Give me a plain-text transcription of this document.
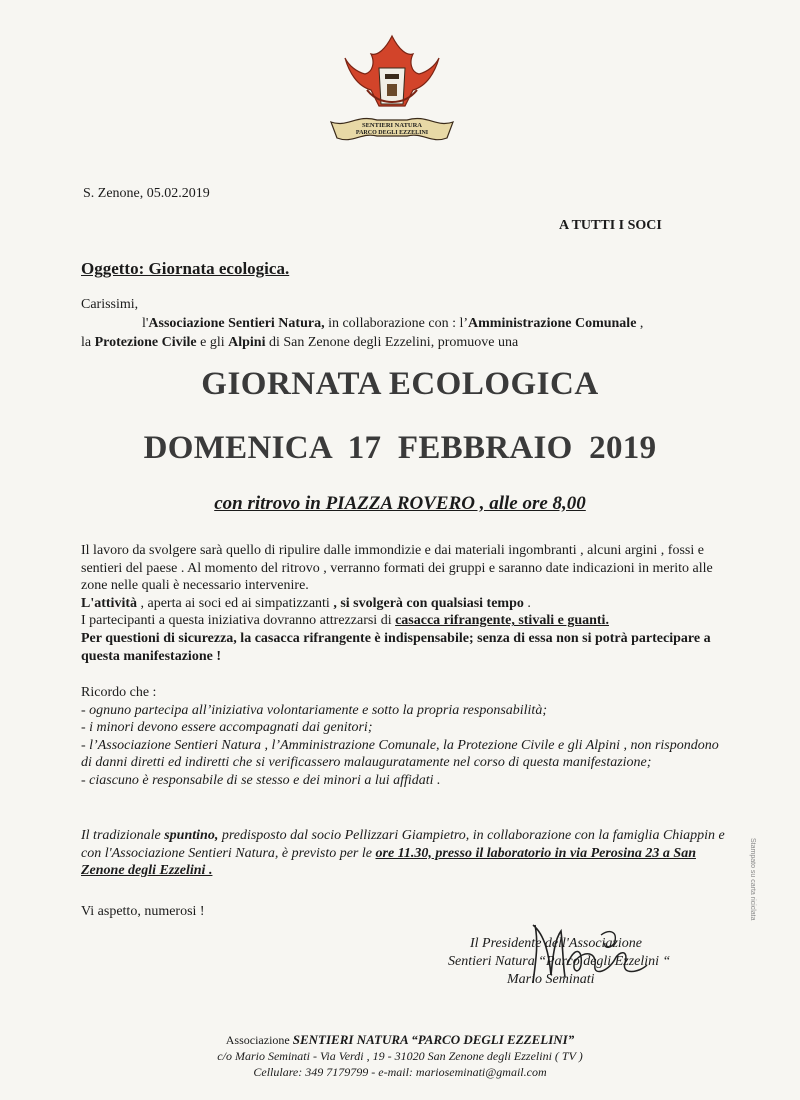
SENTIERI NATURA
PARCO DEGLI EZZELINI
S. Zenone, 05.02.2019
A TUTTI I SOCI
Oggetto: Giornata ecologica.
Carissimi,
l'Associazione Sentieri Natura, in collaborazione con : l’Amministrazione Comunale ,
la Protezione Civile e gli Alpini di San Zenone degli Ezzelini, promuove una
GIORNATA ECOLOGICA
DOMENICA 17 FEBBRAIO 2019
con ritrovo in PIAZZA ROVERO , alle ore 8,00

Il lavoro da svolgere sarà quello di ripulire dalle immondizie e dai materiali ingombranti , alcuni argini , fossi e sentieri del paese . Al momento del ritrovo , verranno formati dei gruppi e saranno date indicazioni in merito alle zone nelle quali è necessario intervenire.

L'attività , aperta ai soci ed ai simpatizzanti , si svolgerà con qualsiasi tempo .

I partecipanti a questa iniziativa dovranno attrezzarsi di casacca rifrangente, stivali e guanti.

Per questioni di sicurezza, la casacca rifrangente è indispensabile; senza di essa non si potrà partecipare a questa manifestazione !

Ricordo che :

- ognuno partecipa all’iniziativa volontariamente e sotto la propria responsabilità;

- i minori devono essere accompagnati dai genitori;

- l’Associazione Sentieri Natura , l’Amministrazione Comunale, la Protezione Civile e gli Alpini , non rispondono di danni diretti ed indiretti che si verificassero malauguratamente nel corso di questa manifestazione;

- ciascuno è responsabile di se stesso e dei minori a lui affidati .

Il tradizionale spuntino, predisposto dal socio Pellizzari Giampietro, in collaborazione con la famiglia Chiappin e con l'Associazione Sentieri Natura, è previsto per le ore 11.30, presso il laboratorio in via Perosina 23 a San Zenone degli Ezzelini .

Vi aspetto, numerosi !
Il Presidente dell'Associazione
Sentieri Natura “Parco degli Ezzelini “
Mario Seminati
Associazione SENTIERI NATURA “PARCO DEGLI EZZELINI”
c/o Mario Seminati - Via Verdi , 19 - 31020 San Zenone degli Ezzelini ( TV )
Cellulare: 349 7179799 - e-mail: marioseminati@gmail.com
Stampato su carta riciclata
